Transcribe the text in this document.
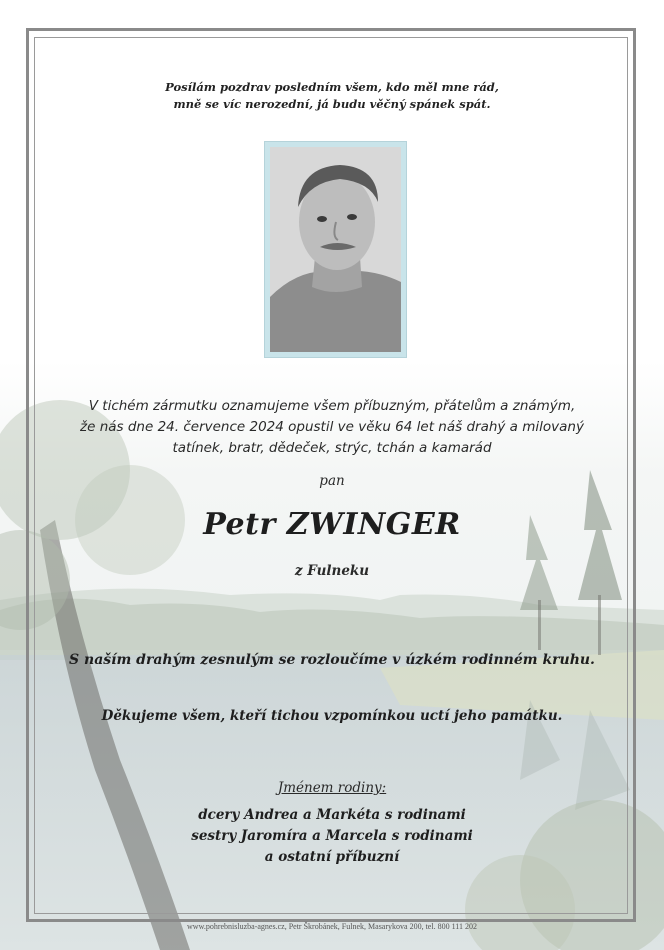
Posílám pozdrav posledním všem, kdo měl mne rád,
mně se víc nerozední, já budu věčný spánek spát.
V tichém zármutku oznamujeme všem příbuzným, přátelům a známým,
že nás dne 24. července 2024 opustil ve věku 64 let náš drahý a milovaný
tatínek, bratr, dědeček, strýc, tchán a kamarád
pan
Petr ZWINGER
z Fulneku
S naším drahým zesnulým se rozloučíme v úzkém rodinném kruhu.
Děkujeme všem, kteří tichou vzpomínkou uctí jeho památku.
Jménem rodiny:
dcery Andrea a Markéta s rodinami
sestry Jaromíra a Marcela s rodinami
a ostatní příbuzní
www.pohrebnisluzba-agnes.cz, Petr Škrobánek, Fulnek, Masarykova 200, tel. 800 111 202
